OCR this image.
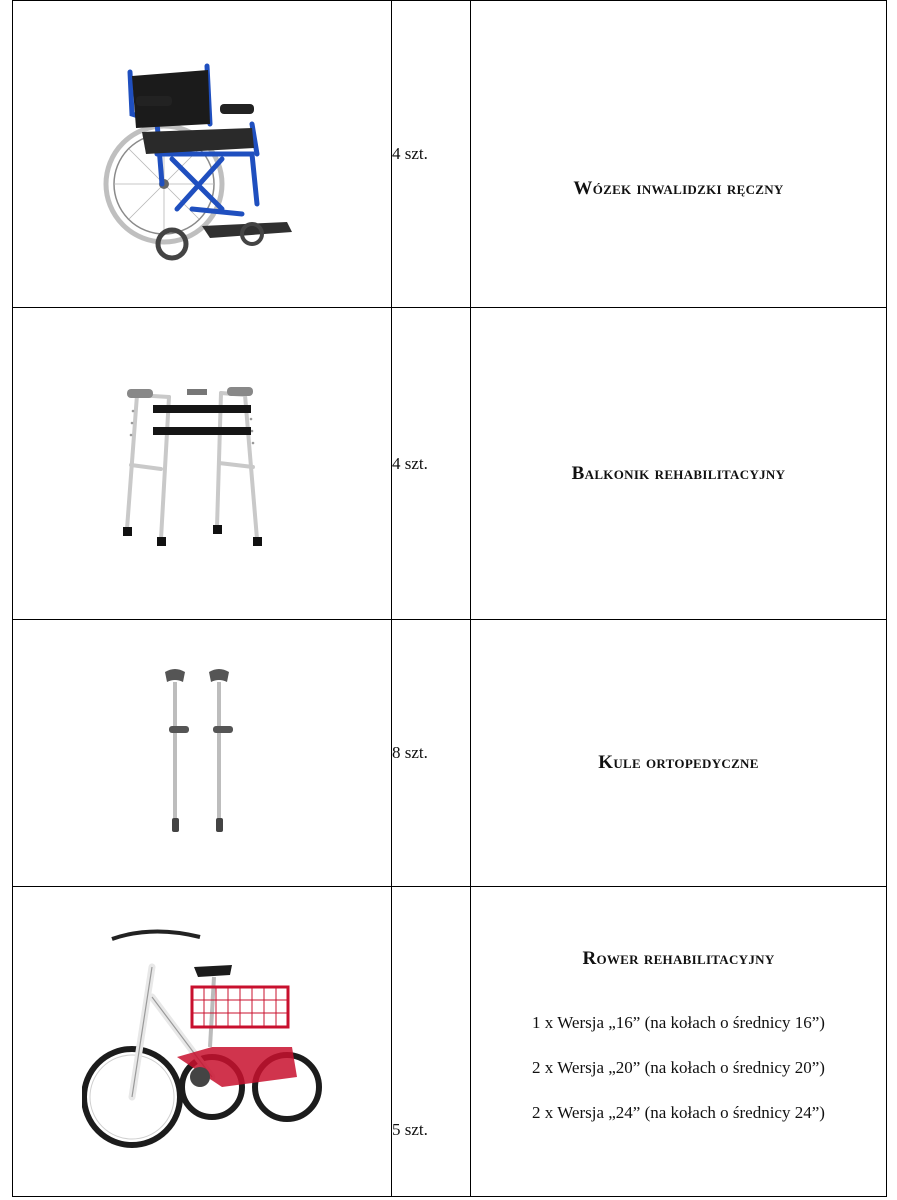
	4 szt.	Wózek inwalidzki ręczny

	4 szt.	Balkonik rehabilitacyjny

	8 szt.	Kule ortopedyczne

	5 szt.	Rower rehabilitacyjny
1 x Wersja „16” (na kołach o średnicy 16”)
2 x Wersja „20” (na kołach o średnicy 20”)
2 x Wersja „24” (na kołach o średnicy 24”)
